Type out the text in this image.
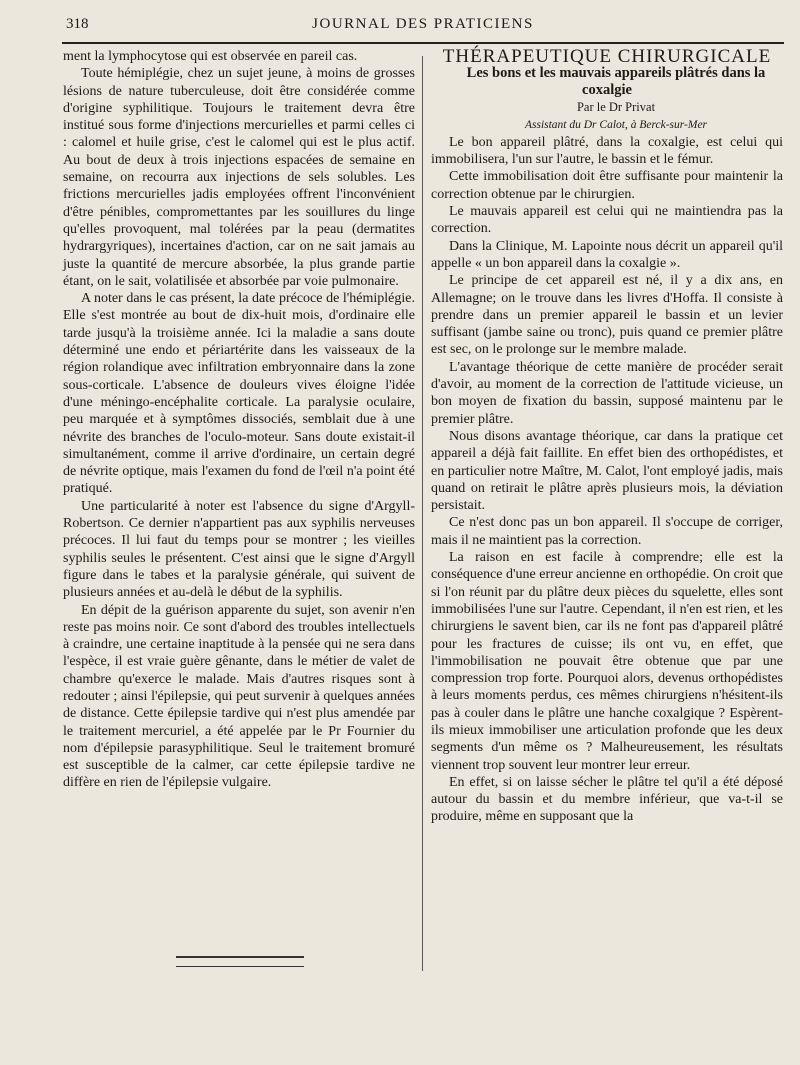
318	JOURNAL DES PRATICIENS

ment la lymphocytose qui est observée en pareil cas.

Toute hémiplégie, chez un sujet jeune, à moins de grosses lésions de nature tuberculeuse, doit être considérée comme d'origine syphilitique. Toujours le traitement devra être institué sous forme d'injections mercurielles et parmi celles ci : calomel et huile grise, c'est le calomel qui est le plus actif. Au bout de deux à trois injections espacées de semaine en semaine, on recourra aux injections de sels solubles. Les frictions mercurielles jadis employées offrent l'inconvénient d'être pénibles, compromettantes par les souillures du linge qu'elles provoquent, mal tolérées par la peau (dermatites hydrargyriques), incertaines d'action, car on ne sait jamais au juste la quantité de mercure absorbée, la plus grande partie étant, on le sait, volatilisée et absorbée par voie pulmonaire.

A noter dans le cas présent, la date précoce de l'hémiplégie. Elle s'est montrée au bout de dix-huit mois, d'ordinaire elle tarde jusqu'à la troisième année. Ici la maladie a sans doute déterminé une endo et périartérite dans les vaisseaux de la région rolandique avec infiltration embryonnaire dans la zone sous-corticale. L'absence de douleurs vives éloigne l'idée d'une méningo-encéphalite corticale. La paralysie oculaire, peu marquée et à symptômes dissociés, semblait due à une névrite des branches de l'oculo-moteur. Sans doute existait-il simultanément, comme il arrive d'ordinaire, un certain degré de névrite optique, mais l'examen du fond de l'œil n'a point été pratiqué.

Une particularité à noter est l'absence du signe d'Argyll-Robertson. Ce dernier n'appartient pas aux syphilis nerveuses précoces. Il lui faut du temps pour se montrer ; les vieilles syphilis seules le présentent. C'est ainsi que le signe d'Argyll figure dans le tabes et la paralysie générale, qui suivent de plusieurs années et au-delà le début de la syphilis.

En dépit de la guérison apparente du sujet, son avenir n'en reste pas moins noir. Ce sont d'abord des troubles intellectuels à craindre, une certaine inaptitude à la pensée qui ne sera dans l'espèce, il est vraie guère gênante, dans le métier de valet de chambre qu'exerce le malade. Mais d'autres risques sont à redouter ; ainsi l'épilepsie, qui peut survenir à quelques années de distance. Cette épilepsie tardive qui n'est plus amendée par le traitement mercuriel, a été appelée par le Pr Fournier du nom d'épilepsie parasyphilitique. Seul le traitement bromuré est susceptible de la calmer, car cette épilepsie tardive ne diffère en rien de l'épilepsie vulgaire.

THÉRAPEUTIQUE CHIRURGICALE

Les bons et les mauvais appareils plâtrés dans la coxalgie

Par le Dr Privat

Assistant du Dr Calot, à Berck-sur-Mer

Le bon appareil plâtré, dans la coxalgie, est celui qui immobilisera, l'un sur l'autre, le bassin et le fémur.

Cette immobilisation doit être suffisante pour maintenir la correction obtenue par le chirurgien.

Le mauvais appareil est celui qui ne maintiendra pas la correction.

Dans la Clinique, M. Lapointe nous décrit un appareil qu'il appelle « un bon appareil dans la coxalgie ».

Le principe de cet appareil est né, il y a dix ans, en Allemagne; on le trouve dans les livres d'Hoffa. Il consiste à prendre dans un premier appareil le bassin et un levier suffisant (jambe saine ou tronc), puis quand ce premier plâtre est sec, on le prolonge sur le membre malade.

L'avantage théorique de cette manière de procéder serait d'avoir, au moment de la correction de l'attitude vicieuse, un bon moyen de fixation du bassin, supposé maintenu par le premier plâtre.

Nous disons avantage théorique, car dans la pratique cet appareil a déjà fait faillite. En effet bien des orthopédistes, et en particulier notre Maître, M. Calot, l'ont employé jadis, mais quand on retirait le plâtre après plusieurs mois, la déviation persistait.

Ce n'est donc pas un bon appareil. Il s'occupe de corriger, mais il ne maintient pas la correction.

La raison en est facile à comprendre; elle est la conséquence d'une erreur ancienne en orthopédie. On croit que si l'on réunit par du plâtre deux pièces du squelette, elles sont immobilisées l'une sur l'autre. Cependant, il n'en est rien, et les chirurgiens le savent bien, car ils ne font pas d'appareil plâtré pour les fractures de cuisse; ils ont vu, en effet, que l'immobilisation ne pouvait être obtenue que par une compression trop forte. Pourquoi alors, devenus orthopédistes à leurs moments perdus, ces mêmes chirurgiens n'hésitent-ils pas à couler dans le plâtre une hanche coxalgique ? Espèrent-ils mieux immobiliser une articulation profonde que les deux segments d'un même os ? Malheureusement, les résultats viennent trop souvent leur montrer leur erreur.

En effet, si on laisse sécher le plâtre tel qu'il a été déposé autour du bassin et du membre inférieur, que va-t-il se produire, même en supposant que la
